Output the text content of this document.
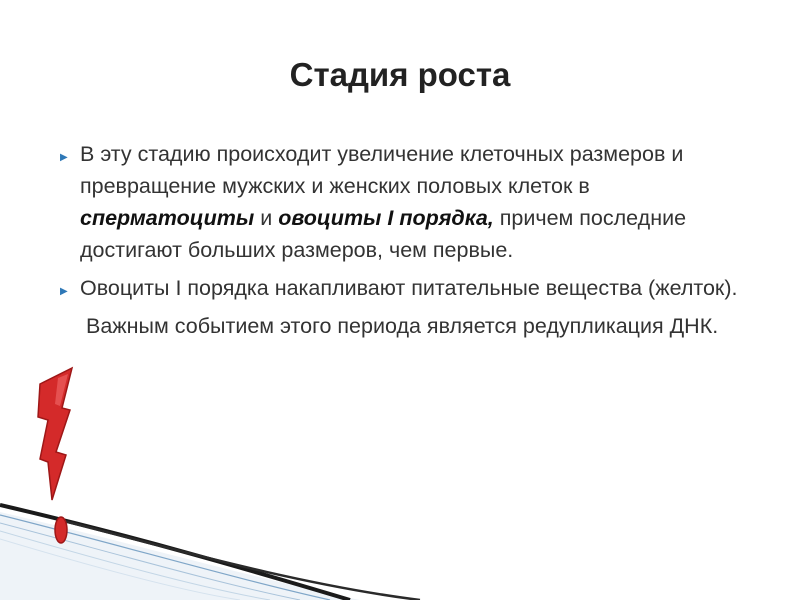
Стадия роста
▶ В эту стадию происходит увеличение клеточных размеров и превращение мужских и женских половых клеток в сперматоциты и овоциты I порядка, причем последние достигают больших размеров, чем первые.
▶ Овоциты I порядка накапливают питательные вещества (желток).
Важным событием этого периода является редупликация ДНК.
